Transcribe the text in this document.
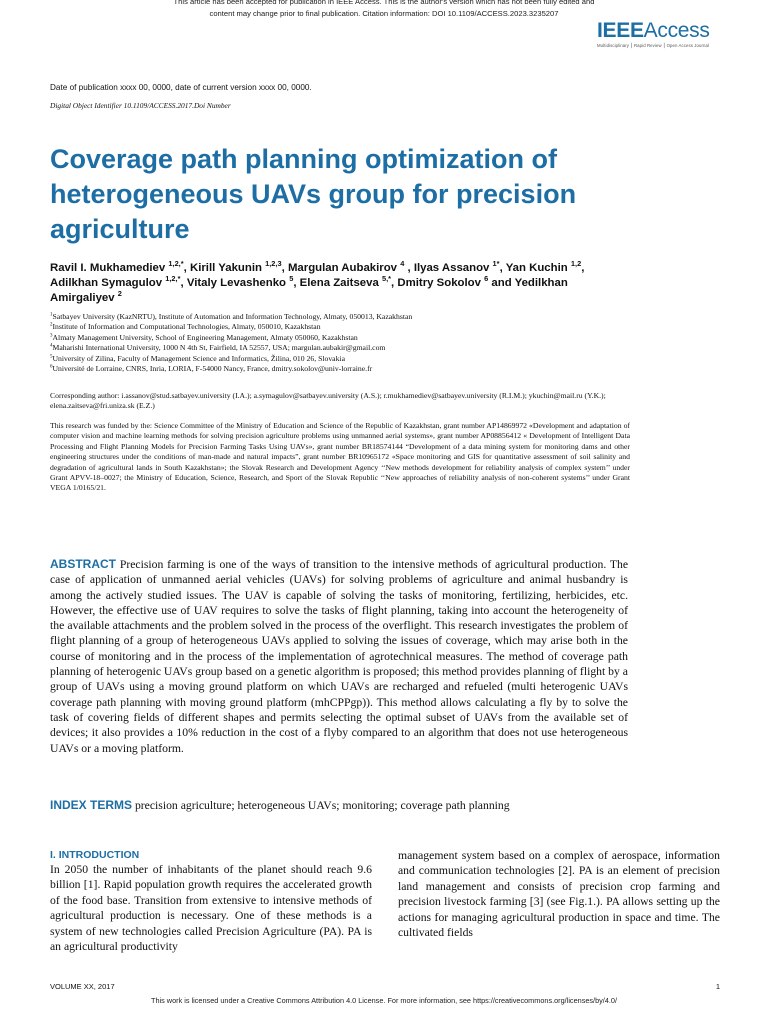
This article has been accepted for publication in IEEE Access. This is the author's version which has not been fully edited and
content may change prior to final publication. Citation information: DOI 10.1109/ACCESS.2023.3235207
IEEEAccess
Multidisciplinary ⎮ Rapid Review ⎮ Open Access Journal
Date of publication xxxx 00, 0000, date of current version xxxx 00, 0000.
Digital Object Identifier 10.1109/ACCESS.2017.Doi Number
Coverage path planning optimization of heterogeneous UAVs group for precision agriculture
Ravil I. Mukhamediev $^{1,2,*}$, Kirill Yakunin $^{1,2,3}$, Margulan Aubakirov $^4$ , Ilyas Assanov $^{1*}$, Yan Kuchin $^{1,2}$, Adilkhan Symagulov $^{1,2,*}$, Vitaly Levashenko $^5$, Elena Zaitseva $^{5,*}$, Dmitry Sokolov $^6$ and Yedilkhan Amirgaliyev $^2$
$^1$Satbayev University (KazNRTU), Institute of Automation and Information Technology, Almaty, 050013, Kazakhstan
$^2$Institute of Information and Computational Technologies, Almaty, 050010, Kazakhstan
$^3$Almaty Management University, School of Engineering Management, Almaty 050060, Kazakhstan
$^4$Maharishi International University, 1000 N 4th St, Fairfield, IA 52557, USA; margulan.aubakir@gmail.com
$^5$University of Zilina, Faculty of Management Science and Informatics, Žilina, 010 26, Slovakia
$^6$Université de Lorraine, CNRS, Inria, LORIA, F-54000 Nancy, France, dmitry.sokolov@univ-lorraine.fr
Corresponding author: i.assanov@stud.satbayev.university (I.A.); a.symagulov@satbayev.university (A.S.); r.mukhamediev@satbayev.university (R.I.M.); ykuchin@mail.ru (Y.K.); elena.zaitseva@fri.uniza.sk (E.Z.)
This research was funded by the: Science Committee of the Ministry of Education and Science of the Republic of Kazakhstan, grant number AP14869972 «Development and adaptation of computer vision and machine learning methods for solving precision agriculture problems using unmanned aerial systems», grant number AP08856412 « Development of Intelligent Data Processing and Flight Planning Models for Precision Farming Tasks Using UAVs», grant number BR18574144 “Development of a data mining system for monitoring dams and other engineering structures under the conditions of man-made and natural impacts”, grant number BR10965172 «Space monitoring and GIS for quantitative assessment of soil salinity and degradation of agricultural lands in South Kazakhstan»; the Slovak Research and Development Agency ‘‘New methods development for reliability analysis of complex system’’ under Grant APVV-18–0027; the Ministry of Education, Science, Research, and Sport of the Slovak Republic ‘‘New approaches of reliability analysis of non-coherent systems’’ under Grant VEGA 1/0165/21.
ABSTRACT Precision farming is one of the ways of transition to the intensive methods of agricultural production. The case of application of unmanned aerial vehicles (UAVs) for solving problems of agriculture and animal husbandry is among the actively studied issues. The UAV is capable of solving the tasks of monitoring, fertilizing, herbicides, etc. However, the effective use of UAV requires to solve the tasks of flight planning, taking into account the heterogeneity of the available attachments and the problem solved in the process of the overflight. This research investigates the problem of flight planning of a group of heterogeneous UAVs applied to solving the issues of coverage, which may arise both in the course of monitoring and in the process of the implementation of agrotechnical measures. The method of coverage path planning of heterogenic UAVs group based on a genetic algorithm is proposed; this method provides planning of flight by a group of UAVs using a moving ground platform on which UAVs are recharged and refueled (multi heterogenic UAVs coverage path planning with moving ground platform (mhCPPgp)). This method allows calculating a fly by to solve the task of covering fields of different shapes and permits selecting the optimal subset of UAVs from the available set of devices; it also provides a 10% reduction in the cost of a flyby compared to an algorithm that does not use heterogeneous UAVs or a moving platform.
INDEX TERMS precision agriculture; heterogeneous UAVs; monitoring; coverage path planning
I. INTRODUCTION
In 2050 the number of inhabitants of the planet should reach 9.6 billion [1]. Rapid population growth requires the accelerated growth of the food base. Transition from extensive to intensive methods of agricultural production is necessary. One of these methods is a system of new technologies called Precision Agriculture (PA). PA is an agricultural productivity
management system based on a complex of aerospace, information and communication technologies [2]. PA is an element of precision land management and consists of precision crop farming and precision livestock farming [3] (see Fig.1.). PA allows setting up the actions for managing agricultural production in space and time. The cultivated fields
VOLUME XX, 2017	1
This work is licensed under a Creative Commons Attribution 4.0 License. For more information, see https://creativecommons.org/licenses/by/4.0/
